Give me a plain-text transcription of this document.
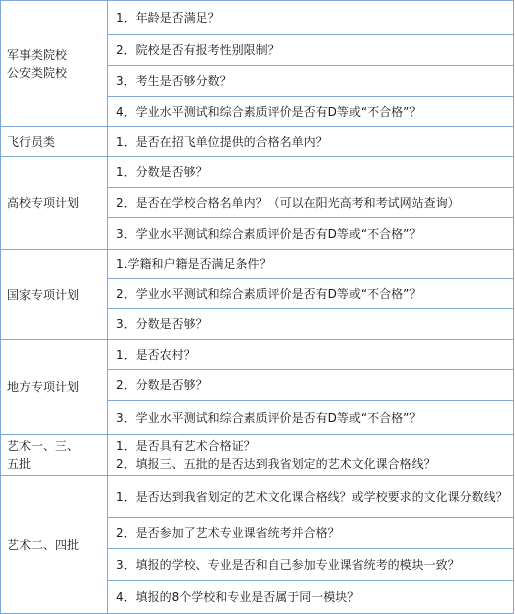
军事类院校
公安类院校	1．年龄是否满足？
	2．院校是否有报考性别限制？
	3．考生是否够分数？
	4．学业水平测试和综合素质评价是否有D等或“不合格”？
飞行员类	1．是否在招飞单位提供的合格名单内？
高校专项计划	1．分数是否够？
	2．是否在学校合格名单内？（可以在阳光高考和考试网站查询）
	3．学业水平测试和综合素质评价是否有D等或“不合格”？
国家专项计划	1.学籍和户籍是否满足条件？
	2．学业水平测试和综合素质评价是否有D等或“不合格”？
	3．分数是否够？
地方专项计划	1．是否农村？
	2．分数是否够？
	3．学业水平测试和综合素质评价是否有D等或“不合格”？
艺术一、三、
五批	1．是否具有艺术合格证？
2．填报三、五批的是否达到我省划定的艺术文化课合格线？
艺术二、四批	1．是否达到我省划定的艺术文化课合格线？或学校要求的文化课分数线？
	2．是否参加了艺术专业课省统考并合格？
	3．填报的学校、专业是否和自己参加专业课省统考的模块一致？
	4．填报的8个学校和专业是否属于同一模块？
